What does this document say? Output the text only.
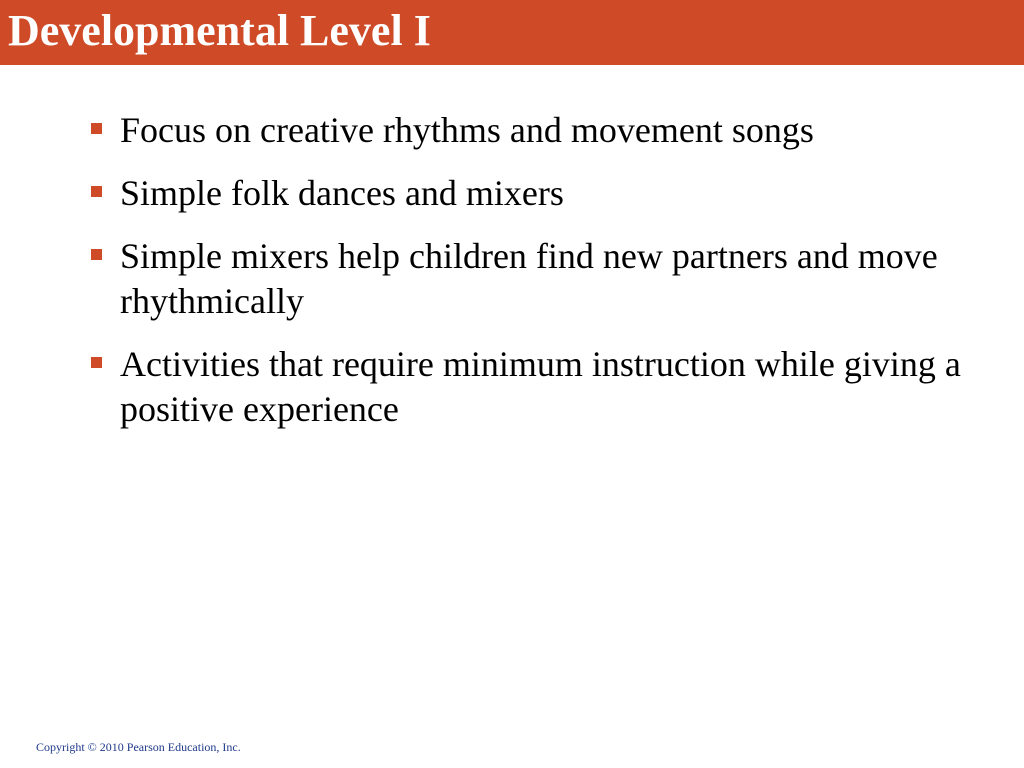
Developmental Level I
Focus on creative rhythms and movement songs
Simple folk dances and mixers
Simple mixers help children find new partners and move rhythmically
Activities that require minimum instruction while giving a positive experience
Copyright © 2010 Pearson Education, Inc.
